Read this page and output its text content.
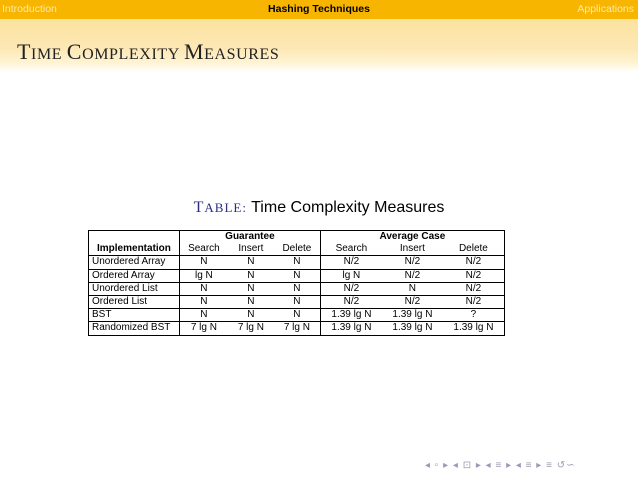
Introduction	Hashing Techniques	Applications
TIME COMPLEXITY MEASURES
TABLE: Time Complexity Measures
	Guarantee			Average Case		
Implementation	Search	Insert	Delete	Search	Insert	Delete
Unordered Array	N	N	N	N/2	N/2	N/2
Ordered Array	lg N	N	N	lg N	N/2	N/2
Unordered List	N	N	N	N/2	N	N/2
Ordered List	N	N	N	N/2	N/2	N/2
BST	N	N	N	1.39 lg N	1.39 lg N	?
Randomized BST	7 lg N	7 lg N	7 lg N	1.39 lg N	1.39 lg N	1.39 lg N
◂ ▫ ▸ ◂ ⊡ ▸ ◂ ≡ ▸ ◂ ≡ ▸ ≡ ↺∽
